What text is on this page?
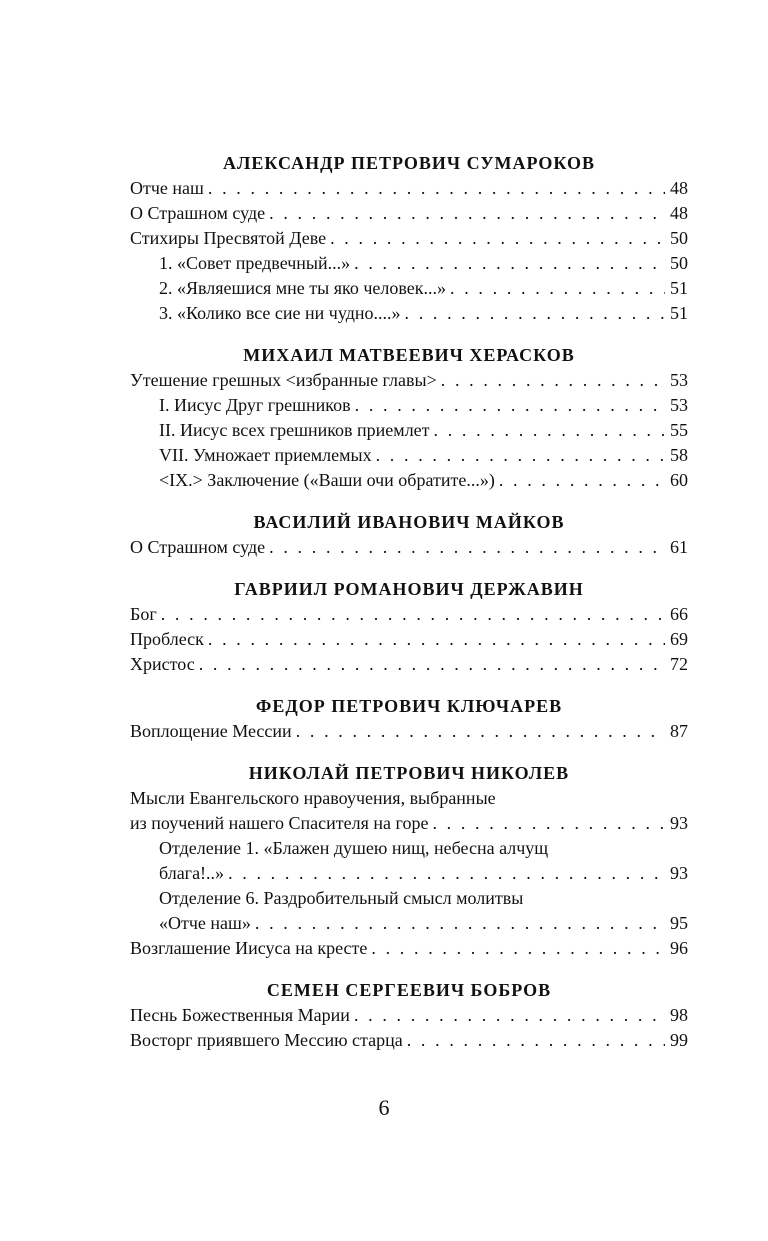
АЛЕКСАНДР ПЕТРОВИЧ СУМАРОКОВ
Отче наш . . .	48
О Страшном суде . . .	48
Стихиры Пресвятой Деве . . .	50
1. «Совет предвечный...» . . .	50
2. «Являешися мне ты яко человек...» . . .	51
3. «Колико все сие ни чудно....» . . .	51
МИХАИЛ МАТВЕЕВИЧ ХЕРАСКОВ
Утешение грешных <избранные главы> . . .	53
I. Иисус Друг грешников . . .	53
II. Иисус всех грешников приемлет . . .	55
VII. Умножает приемлемых . . .	58
<IX.> Заключение («Ваши очи обратите...») . . .	60
ВАСИЛИЙ ИВАНОВИЧ МАЙКОВ
О Страшном суде . . .	61
ГАВРИИЛ РОМАНОВИЧ ДЕРЖАВИН
Бог . . .	66
Проблеск . . .	69
Христос . . .	72
ФЕДОР ПЕТРОВИЧ КЛЮЧАРЕВ
Воплощение Мессии . . .	87
НИКОЛАЙ ПЕТРОВИЧ НИКОЛЕВ
Мысли Евангельского нравоучения, выбранные
из поучений нашего Спасителя на горе . . .	93
Отделение 1. «Блажен душею нищ, небесна алчущ
блага!..» . . .	93
Отделение 6. Раздробительный смысл молитвы
«Отче наш» . . .	95
Возглашение Иисуса на кресте . . .	96
СЕМЕН СЕРГЕЕВИЧ БОБРОВ
Песнь Божественныя Марии . . .	98
Восторг приявшего Мессию старца . . .	99
6
